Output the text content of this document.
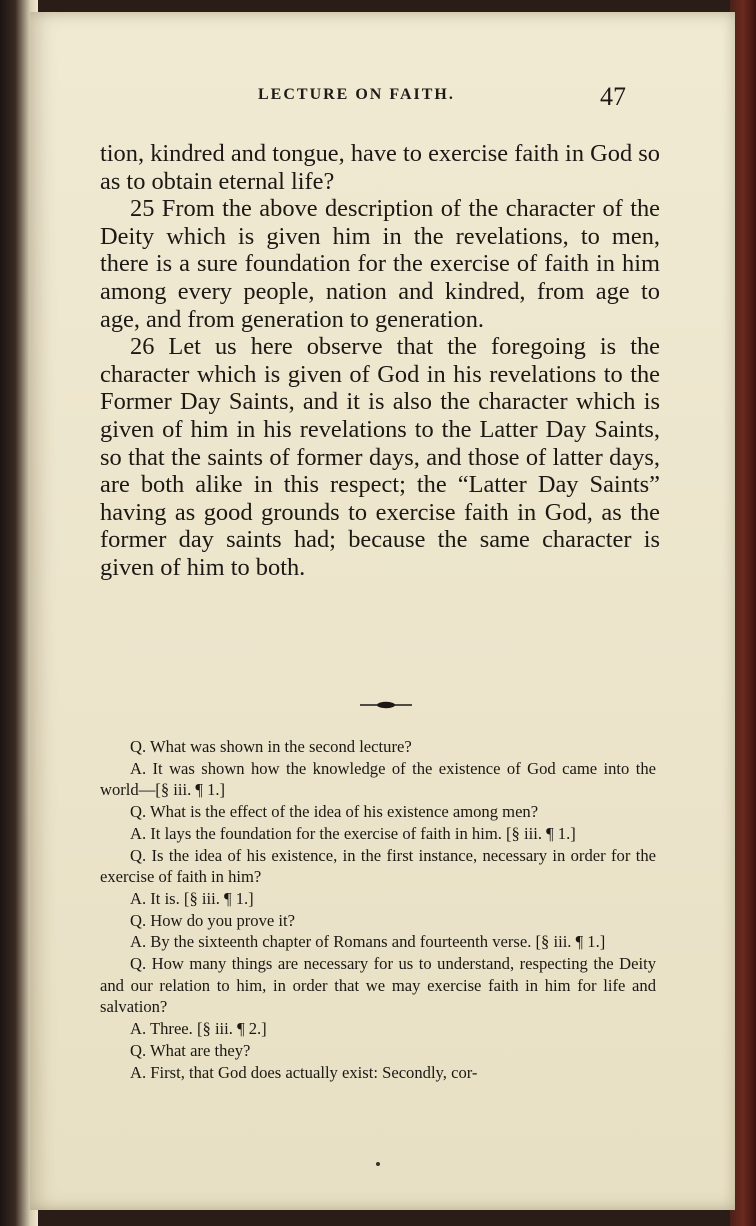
LECTURE ON FAITH.	47

tion, kindred and tongue, have to exercise faith in God so as to obtain eternal life?

25 From the above description of the character of the Deity which is given him in the revelations, to men, there is a sure foundation for the exercise of faith in him among every people, nation and kindred, from age to age, and from generation to generation.

26 Let us here observe that the foregoing is the character which is given of God in his revelations to the Former Day Saints, and it is also the character which is given of him in his revelations to the Latter Day Saints, so that the saints of former days, and those of latter days, are both alike in this respect; the “Latter Day Saints” having as good grounds to exercise faith in God, as the former day saints had; because the same character is given of him to both.

Q. What was shown in the second lecture?

A. It was shown how the knowledge of the existence of God came into the world—[§ iii. ¶ 1.]

Q. What is the effect of the idea of his existence among men?

A. It lays the foundation for the exercise of faith in him. [§ iii. ¶ 1.]

Q. Is the idea of his existence, in the first instance, necessary in order for the exercise of faith in him?

A. It is. [§ iii. ¶ 1.]

Q. How do you prove it?

A. By the sixteenth chapter of Romans and fourteenth verse. [§ iii. ¶ 1.]

Q. How many things are necessary for us to understand, respecting the Deity and our relation to him, in order that we may exercise faith in him for life and salvation?

A. Three. [§ iii. ¶ 2.]

Q. What are they?

A. First, that God does actually exist: Secondly, cor-
